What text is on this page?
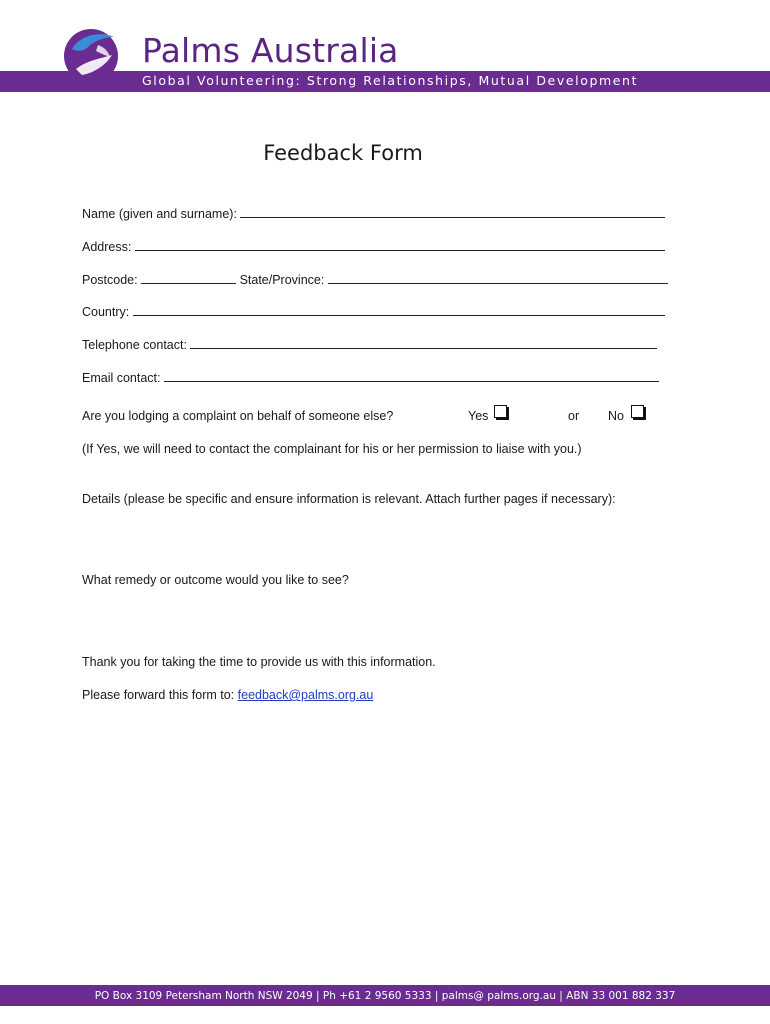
Palms Australia
Global Volunteering: Strong Relationships, Mutual Development
Feedback Form
Name (given and surname):
Address:
Postcode:	State/Province:
Country:
Telephone contact:
Email contact:
Are you lodging a complaint on behalf of someone else?	Yes	or No
(If Yes, we will need to contact the complainant for his or her permission to liaise with you.)
Details (please be specific and ensure information is relevant. Attach further pages if necessary):
What remedy or outcome would you like to see?
Thank you for taking the time to provide us with this information.
Please forward this form to: feedback@palms.org.au
PO Box 3109 Petersham North NSW 2049 | Ph +61 2 9560 5333 | palms@ palms.org.au | ABN 33 001 882 337
